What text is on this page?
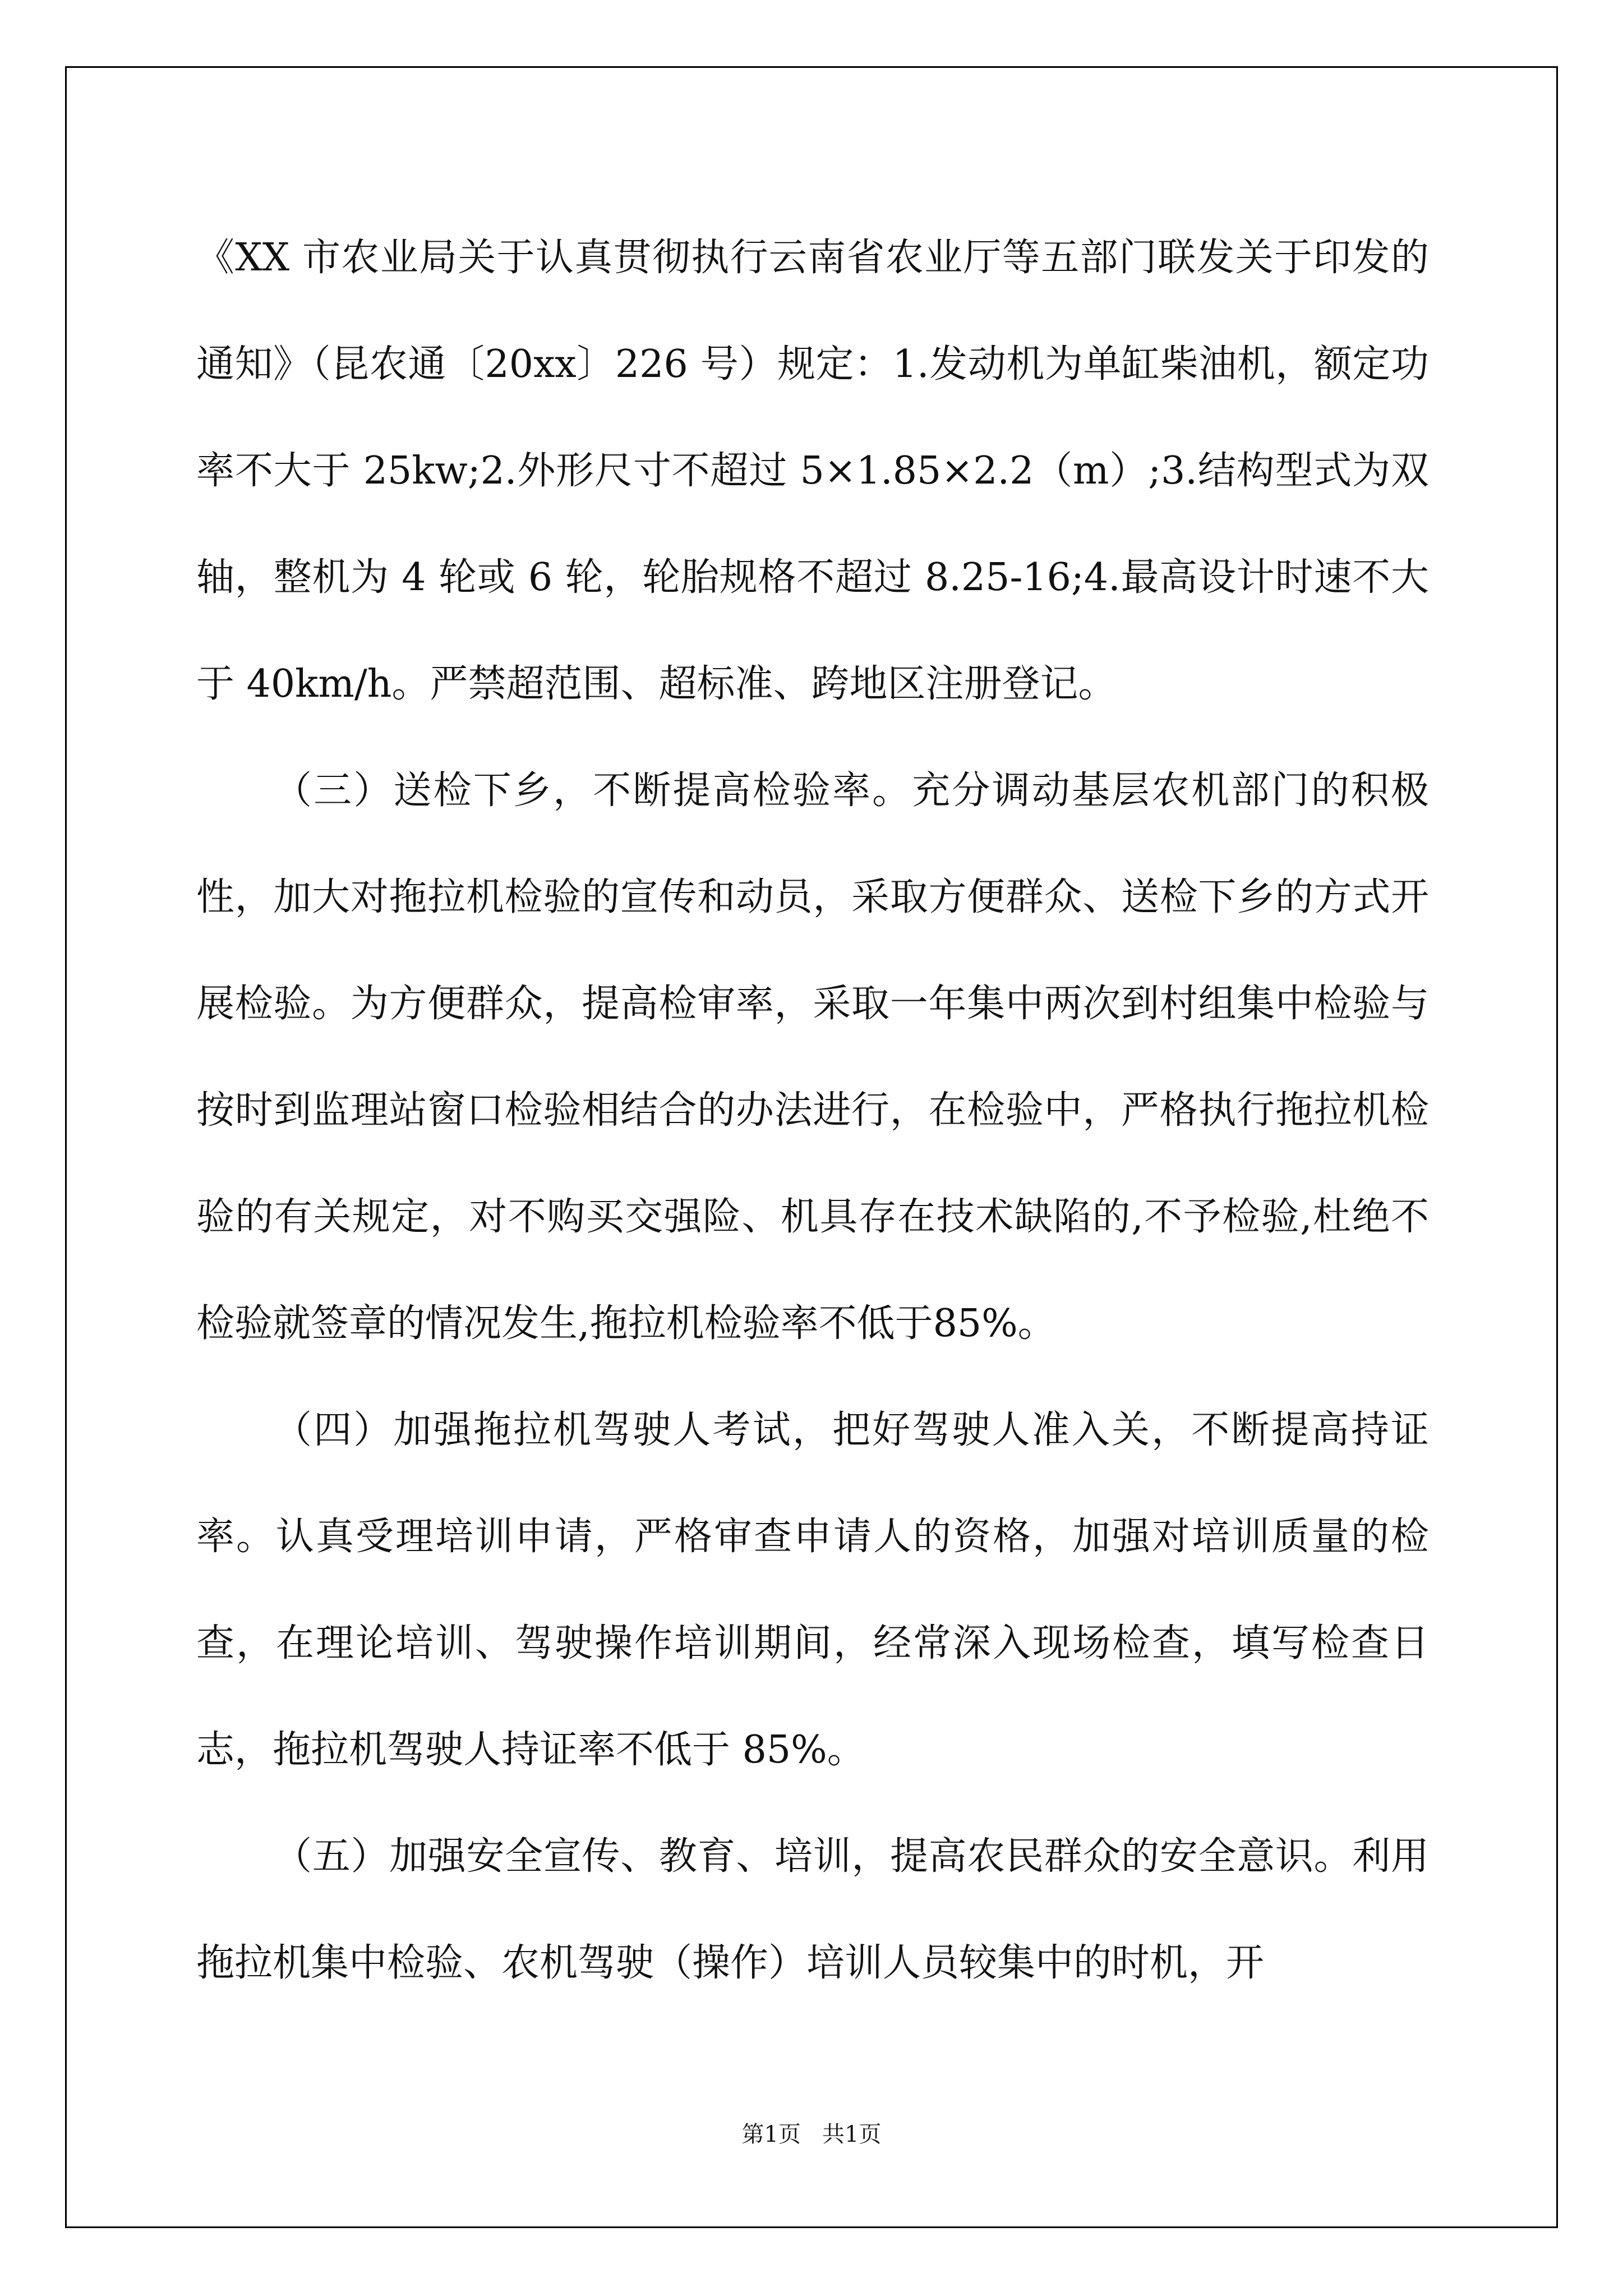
《XX 市农业局关于认真贯彻执行云南省农业厅等五部门联发关于印发的通知》（昆农通〔20xx〕226 号）规定：1.发动机为单缸柴油机，额定功率不大于 25kw;2.外形尺寸不超过 5×1.85×2.2（m）;3.结构型式为双轴，整机为 4 轮或 6 轮，轮胎规格不超过 8.25-16;4.最高设计时速不大于 40km/h。严禁超范围、超标准、跨地区注册登记。

（三）送检下乡，不断提高检验率。充分调动基层农机部门的积极性，加大对拖拉机检验的宣传和动员，采取方便群众、送检下乡的方式开展检验。为方便群众，提高检审率，采取一年集中两次到村组集中检验与按时到监理站窗口检验相结合的办法进行，在检验中，严格执行拖拉机检验的有关规定，对不购买交强险、机具存在技术缺陷的,不予检验,杜绝不检验就签章的情况发生,拖拉机检验率不低于85%。

（四）加强拖拉机驾驶人考试，把好驾驶人准入关，不断提高持证率。认真受理培训申请，严格审查申请人的资格，加强对培训质量的检查，在理论培训、驾驶操作培训期间，经常深入现场检查，填写检查日志，拖拉机驾驶人持证率不低于 85%。

（五）加强安全宣传、教育、培训，提高农民群众的安全意识。利用拖拉机集中检验、农机驾驶（操作）培训人员较集中的时机，开

第1页 共1页
